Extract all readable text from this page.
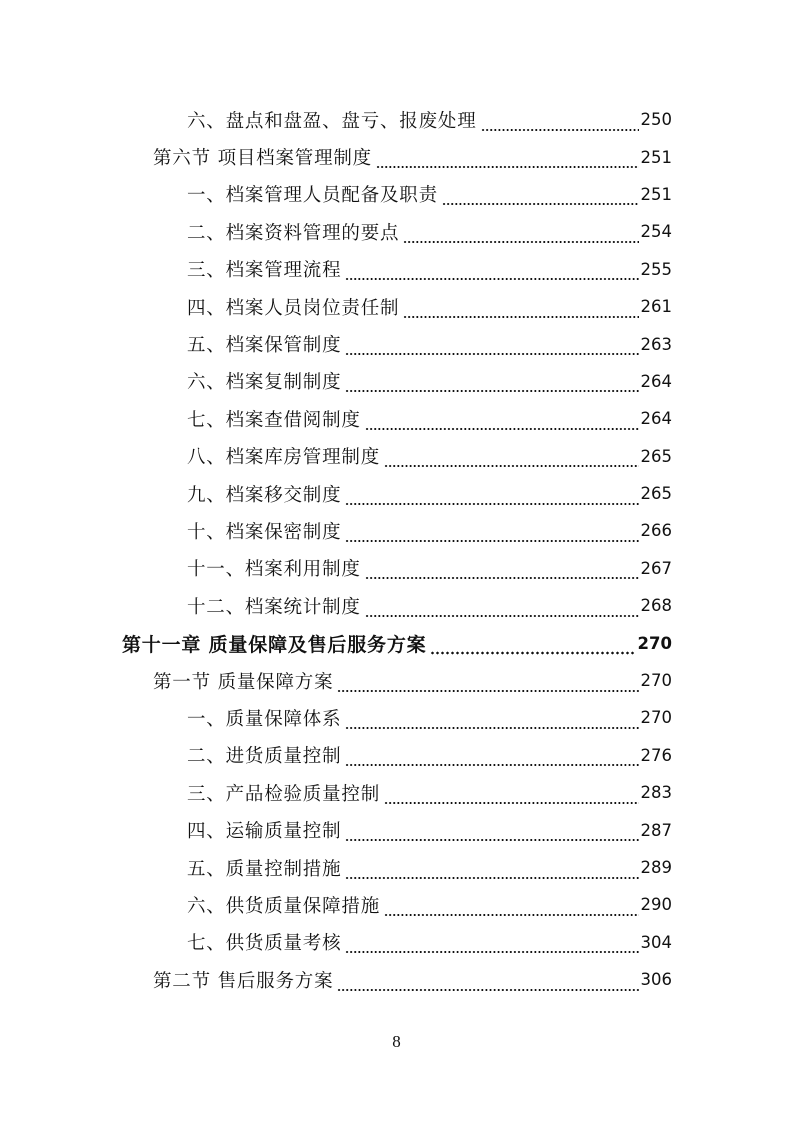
六、盘点和盘盈、盘亏、报废处理	250
第六节 项目档案管理制度	251
一、档案管理人员配备及职责	251
二、档案资料管理的要点	254
三、档案管理流程	255
四、档案人员岗位责任制	261
五、档案保管制度	263
六、档案复制制度	264
七、档案查借阅制度	264
八、档案库房管理制度	265
九、档案移交制度	265
十、档案保密制度	266
十一、档案利用制度	267
十二、档案统计制度	268
第十一章 质量保障及售后服务方案	270
第一节 质量保障方案	270
一、质量保障体系	270
二、进货质量控制	276
三、产品检验质量控制	283
四、运输质量控制	287
五、质量控制措施	289
六、供货质量保障措施	290
七、供货质量考核	304
第二节 售后服务方案	306
8
